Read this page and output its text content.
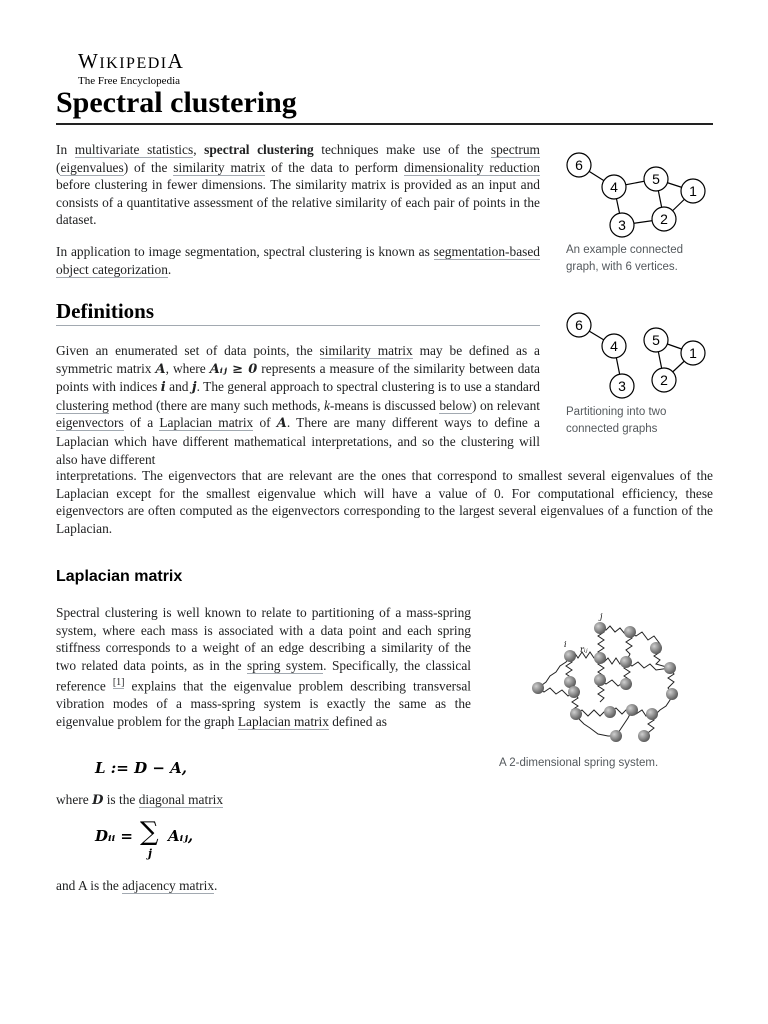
WIKIPEDIA
The Free Encyclopedia
Spectral clustering

In multivariate statistics, spectral clustering techniques make use of the spectrum (eigenvalues) of the similarity matrix of the data to perform dimensionality reduction before clustering in fewer dimensions. The similarity matrix is provided as an input and consists of a quantitative assessment of the relative similarity of each pair of points in the dataset.

In application to image segmentation, spectral clustering is known as segmentation-based object categorization.

6
4 5
1
2
3
An example connected graph, with 6 vertices.
Definitions
6
4 5
1
2
3
Partitioning into two connected graphs

Given an enumerated set of data points, the similarity matrix may be defined as a symmetric matrix A, where Aᵢⱼ ≥ 0 represents a measure of the similarity between data points with indices i and j. The general approach to spectral clustering is to use a standard clustering method (there are many such methods, k-means is discussed below) on relevant eigenvectors of a Laplacian matrix of A. There are many different ways to define a Laplacian which have different mathematical interpretations, and so the clustering will also have different

interpretations. The eigenvectors that are relevant are the ones that correspond to smallest several eigenvalues of the Laplacian except for the smallest eigenvalue which will have a value of 0. For computational efficiency, these eigenvectors are often computed as the eigenvectors corresponding to the largest several eigenvalues of a function of the Laplacian.

Laplacian matrix

Spectral clustering is well known to relate to partitioning of a mass-spring system, where each mass is associated with a data point and each spring stiffness corresponds to a weight of an edge describing a similarity of the two related data points, as in the spring system. Specifically, the classical reference [1] explains that the eigenvalue problem describing transversal vibration modes of a mass-spring system is exactly the same as the eigenvalue problem for the graph Laplacian matrix defined as

L := D − A,

where D is the diagonal matrix

Dᵢᵢ = ∑
j
Aᵢⱼ,

and A is the adjacency matrix.

j
i
rᵢⱼ
A 2-dimensional spring system.
